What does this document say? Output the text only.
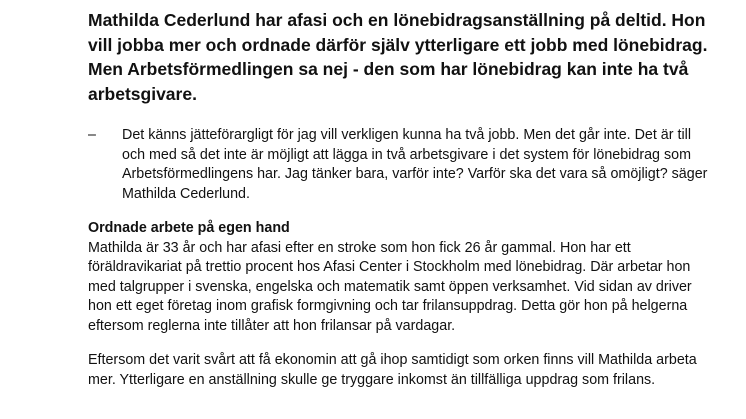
Mathilda Cederlund har afasi och en lönebidragsanställning på deltid. Hon vill jobba mer och ordnade därför själv ytterligare ett jobb med lönebidrag. Men Arbetsförmedlingen sa nej - den som har lönebidrag kan inte ha två arbetsgivare.

–	Det känns jätteförargligt för jag vill verkligen kunna ha två jobb. Men det går inte. Det är till och med så det inte är möjligt att lägga in två arbetsgivare i det system för lönebidrag som Arbetsförmedlingens har. Jag tänker bara, varför inte? Varför ska det vara så omöjligt? säger Mathilda Cederlund.
Ordnade arbete på egen hand

Mathilda är 33 år och har afasi efter en stroke som hon fick 26 år gammal. Hon har ett föräldravikariat på trettio procent hos Afasi Center i Stockholm med lönebidrag. Där arbetar hon med talgrupper i svenska, engelska och matematik samt öppen verksamhet. Vid sidan av driver hon ett eget företag inom grafisk formgivning och tar frilansuppdrag. Detta gör hon på helgerna eftersom reglerna inte tillåter att hon frilansar på vardagar.

Eftersom det varit svårt att få ekonomin att gå ihop samtidigt som orken finns vill Mathilda arbeta mer. Ytterligare en anställning skulle ge tryggare inkomst än tillfälliga uppdrag som frilans.
